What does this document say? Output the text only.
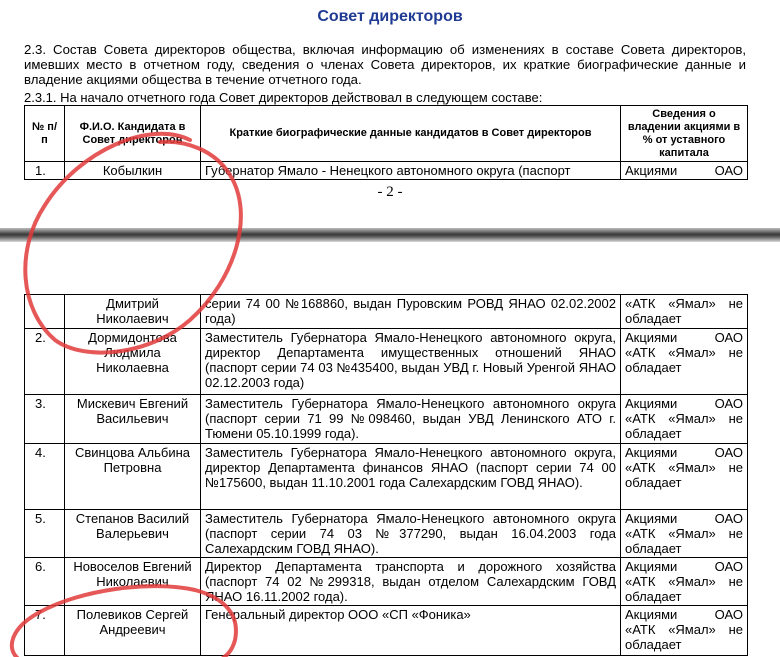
Совет директоров
2.3. Состав Совета директоров общества, включая информацию об изменениях в составе Совета директоров, имевших место в отчетном году, сведения о членах Совета директоров, их краткие биографические данные и владение акциями общества в течение отчетного года.
2.3.1. На начало отчетного года Совет директоров действовал в следующем составе:
№ п/п	Ф.И.О. Кандидата в Совет директоров	Краткие биографические данные кандидатов в Совет директоров	Сведения о владении акциями в % от уставного капитала
1.	Кобылкин	Губернатор Ямало - Ненецкого автономного округа (паспорт	Акциями ОАО
- 2 -
	Дмитрий Николаевич	серии 74 00 №168860, выдан Пуровским РОВД ЯНАО 02.02.2002 года)	«АТК «Ямал» не обладает
2.	Дормидонтова Людмила Николаевна	Заместитель Губернатора Ямало-Ненецкого автономного округа, директор Департамента имущественных отношений ЯНАО (паспорт серии 74 03 №435400, выдан УВД г. Новый Уренгой ЯНАО 02.12.2003 года)	Акциями ОАО «АТК «Ямал» не обладает
3.	Мискевич Евгений Васильевич	Заместитель Губернатора Ямало-Ненецкого автономного округа (паспорт серии 71 99 №098460, выдан УВД Ленинского АТО г. Тюмени 05.10.1999 года).	Акциями ОАО «АТК «Ямал» не обладает
4.	Свинцова Альбина Петровна	Заместитель Губернатора Ямало-Ненецкого автономного округа, директор Департамента финансов ЯНАО (паспорт серии 74 00 №175600, выдан 11.10.2001 года Салехардским ГОВД ЯНАО).	Акциями ОАО «АТК «Ямал» не обладает
5.	Степанов Василий Валерьевич	Заместитель Губернатора Ямало-Ненецкого автономного округа (паспорт серии 74 03 №377290, выдан 16.04.2003 года Салехардским ГОВД ЯНАО).	Акциями ОАО «АТК «Ямал» не обладает
6.	Новоселов Евгений Николаевич	Директор Департамента транспорта и дорожного хозяйства (паспорт 74 02 №299318, выдан отделом Салехардским ГОВД ЯНАО 16.11.2002 года).	Акциями ОАО «АТК «Ямал» не обладает
7.	Полевиков Сергей Андреевич	Генеральный директор ООО «СП «Фоника»	Акциями ОАО «АТК «Ямал» не обладает
